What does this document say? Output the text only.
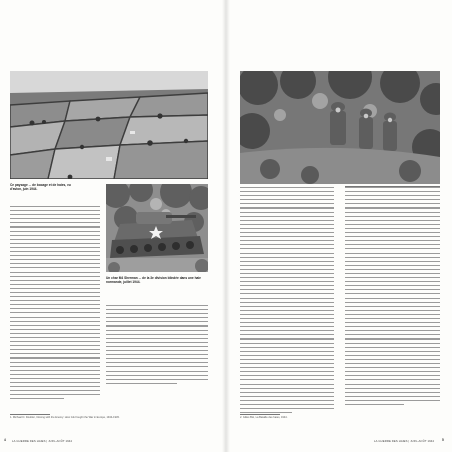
Ce paysage ... de bocage et de haies, vu d'avion, juin 1944.
Un char M4 Sherman ... de la 3e division blindée dans une haie normande, juillet 1944.
1. Michael D. Doubler, Closing with the Enemy: How GIs Fought the War in Europe, 1944-1945.
4 LA GUERRE DES HAIES | JUIN–AOÛT 1944
2. Gilles Bré, La Bataille des haies, 1944.
LA GUERRE DES HAIES | JUIN–AOÛT 1944 5
